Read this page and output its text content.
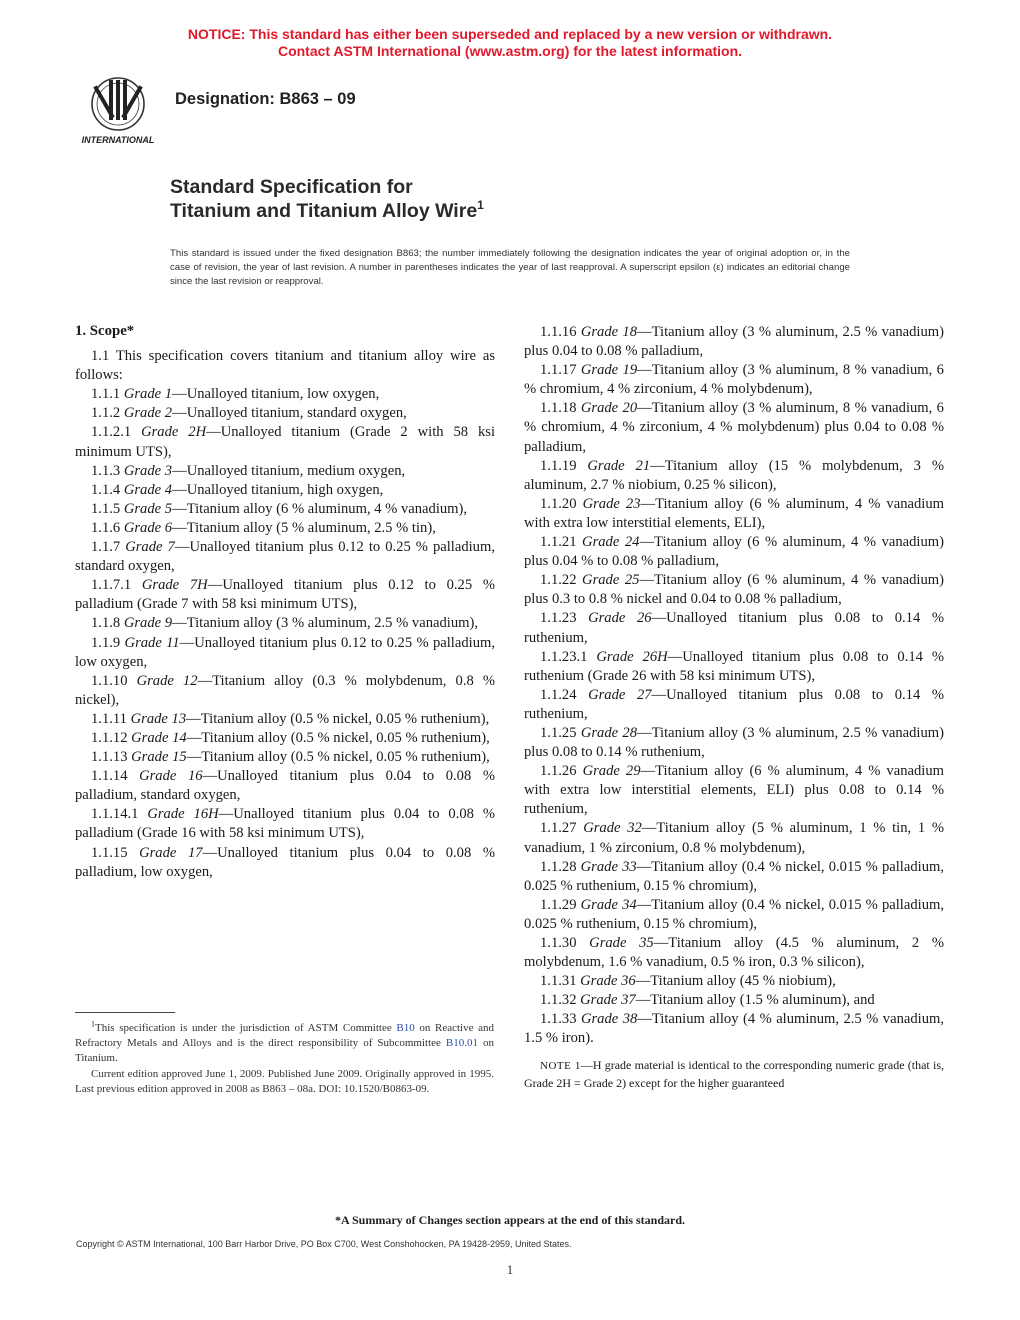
NOTICE: This standard has either been superseded and replaced by a new version or withdrawn.
Contact ASTM International (www.astm.org) for the latest information.
INTERNATIONAL
Designation: B863 – 09
Standard Specification for
Titanium and Titanium Alloy Wire$^1$
This standard is issued under the fixed designation B863; the number immediately following the designation indicates the year of original adoption or, in the case of revision, the year of last revision. A number in parentheses indicates the year of last reapproval. A superscript epsilon (ε) indicates an editorial change since the last revision or reapproval.
1. Scope*

1.1 This specification covers titanium and titanium alloy wire as follows:

1.1.1 Grade 1—Unalloyed titanium, low oxygen,

1.1.2 Grade 2—Unalloyed titanium, standard oxygen,

1.1.2.1 Grade 2H—Unalloyed titanium (Grade 2 with 58 ksi minimum UTS),

1.1.3 Grade 3—Unalloyed titanium, medium oxygen,

1.1.4 Grade 4—Unalloyed titanium, high oxygen,

1.1.5 Grade 5—Titanium alloy (6 % aluminum, 4 % vanadium),

1.1.6 Grade 6—Titanium alloy (5 % aluminum, 2.5 % tin),

1.1.7 Grade 7—Unalloyed titanium plus 0.12 to 0.25 % palladium, standard oxygen,

1.1.7.1 Grade 7H—Unalloyed titanium plus 0.12 to 0.25 % palladium (Grade 7 with 58 ksi minimum UTS),

1.1.8 Grade 9—Titanium alloy (3 % aluminum, 2.5 % vanadium),

1.1.9 Grade 11—Unalloyed titanium plus 0.12 to 0.25 % palladium, low oxygen,

1.1.10 Grade 12—Titanium alloy (0.3 % molybdenum, 0.8 % nickel),

1.1.11 Grade 13—Titanium alloy (0.5 % nickel, 0.05 % ruthenium),

1.1.12 Grade 14—Titanium alloy (0.5 % nickel, 0.05 % ruthenium),

1.1.13 Grade 15—Titanium alloy (0.5 % nickel, 0.05 % ruthenium),

1.1.14 Grade 16—Unalloyed titanium plus 0.04 to 0.08 % palladium, standard oxygen,

1.1.14.1 Grade 16H—Unalloyed titanium plus 0.04 to 0.08 % palladium (Grade 16 with 58 ksi minimum UTS),

1.1.15 Grade 17—Unalloyed titanium plus 0.04 to 0.08 % palladium, low oxygen,

1.1.16 Grade 18—Titanium alloy (3 % aluminum, 2.5 % vanadium) plus 0.04 to 0.08 % palladium,

1.1.17 Grade 19—Titanium alloy (3 % aluminum, 8 % vanadium, 6 % chromium, 4 % zirconium, 4 % molybdenum),

1.1.18 Grade 20—Titanium alloy (3 % aluminum, 8 % vanadium, 6 % chromium, 4 % zirconium, 4 % molybdenum) plus 0.04 to 0.08 % palladium,

1.1.19 Grade 21—Titanium alloy (15 % molybdenum, 3 % aluminum, 2.7 % niobium, 0.25 % silicon),

1.1.20 Grade 23—Titanium alloy (6 % aluminum, 4 % vanadium with extra low interstitial elements, ELI),

1.1.21 Grade 24—Titanium alloy (6 % aluminum, 4 % vanadium) plus 0.04 % to 0.08 % palladium,

1.1.22 Grade 25—Titanium alloy (6 % aluminum, 4 % vanadium) plus 0.3 to 0.8 % nickel and 0.04 to 0.08 % palladium,

1.1.23 Grade 26—Unalloyed titanium plus 0.08 to 0.14 % ruthenium,

1.1.23.1 Grade 26H—Unalloyed titanium plus 0.08 to 0.14 % ruthenium (Grade 26 with 58 ksi minimum UTS),

1.1.24 Grade 27—Unalloyed titanium plus 0.08 to 0.14 % ruthenium,

1.1.25 Grade 28—Titanium alloy (3 % aluminum, 2.5 % vanadium) plus 0.08 to 0.14 % ruthenium,

1.1.26 Grade 29—Titanium alloy (6 % aluminum, 4 % vanadium with extra low interstitial elements, ELI) plus 0.08 to 0.14 % ruthenium,

1.1.27 Grade 32—Titanium alloy (5 % aluminum, 1 % tin, 1 % vanadium, 1 % zirconium, 0.8 % molybdenum),

1.1.28 Grade 33—Titanium alloy (0.4 % nickel, 0.015 % palladium, 0.025 % ruthenium, 0.15 % chromium),

1.1.29 Grade 34—Titanium alloy (0.4 % nickel, 0.015 % palladium, 0.025 % ruthenium, 0.15 % chromium),

1.1.30 Grade 35—Titanium alloy (4.5 % aluminum, 2 % molybdenum, 1.6 % vanadium, 0.5 % iron, 0.3 % silicon),

1.1.31 Grade 36—Titanium alloy (45 % niobium),

1.1.32 Grade 37—Titanium alloy (1.5 % aluminum), and

1.1.33 Grade 38—Titanium alloy (4 % aluminum, 2.5 % vanadium, 1.5 % iron).

NOTE 1—H grade material is identical to the corresponding numeric grade (that is, Grade 2H = Grade 2) except for the higher guaranteed

$^1$This specification is under the jurisdiction of ASTM Committee B10 on Reactive and Refractory Metals and Alloys and is the direct responsibility of Subcommittee B10.01 on Titanium.

Current edition approved June 1, 2009. Published June 2009. Originally approved in 1995. Last previous edition approved in 2008 as B863 – 08a. DOI: 10.1520/B0863-09.

*A Summary of Changes section appears at the end of this standard.
Copyright © ASTM International, 100 Barr Harbor Drive, PO Box C700, West Conshohocken, PA 19428-2959, United States.
1
